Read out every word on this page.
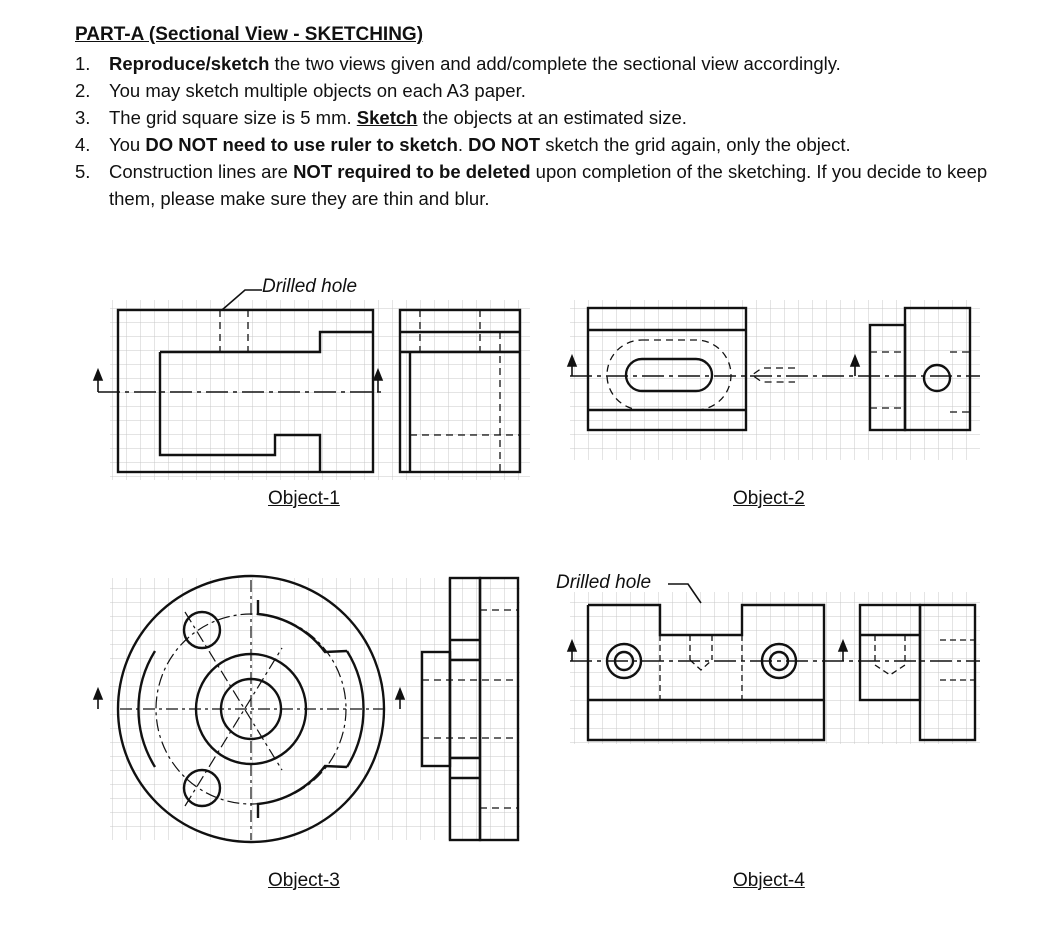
PART-A (Sectional View - SKETCHING)
1. Reproduce/sketch the two views given and add/complete the sectional view accordingly.
2. You may sketch multiple objects on each A3 paper.
3. The grid square size is 5 mm. Sketch the objects at an estimated size.
4. You DO NOT need to use ruler to sketch. DO NOT sketch the grid again, only the object.
5. Construction lines are NOT required to be deleted upon completion of the sketching. If you decide to keep them, please make sure they are thin and blur.
Drilled hole
Object-1	Object-2
Object-3
Drilled hole
Object-4
